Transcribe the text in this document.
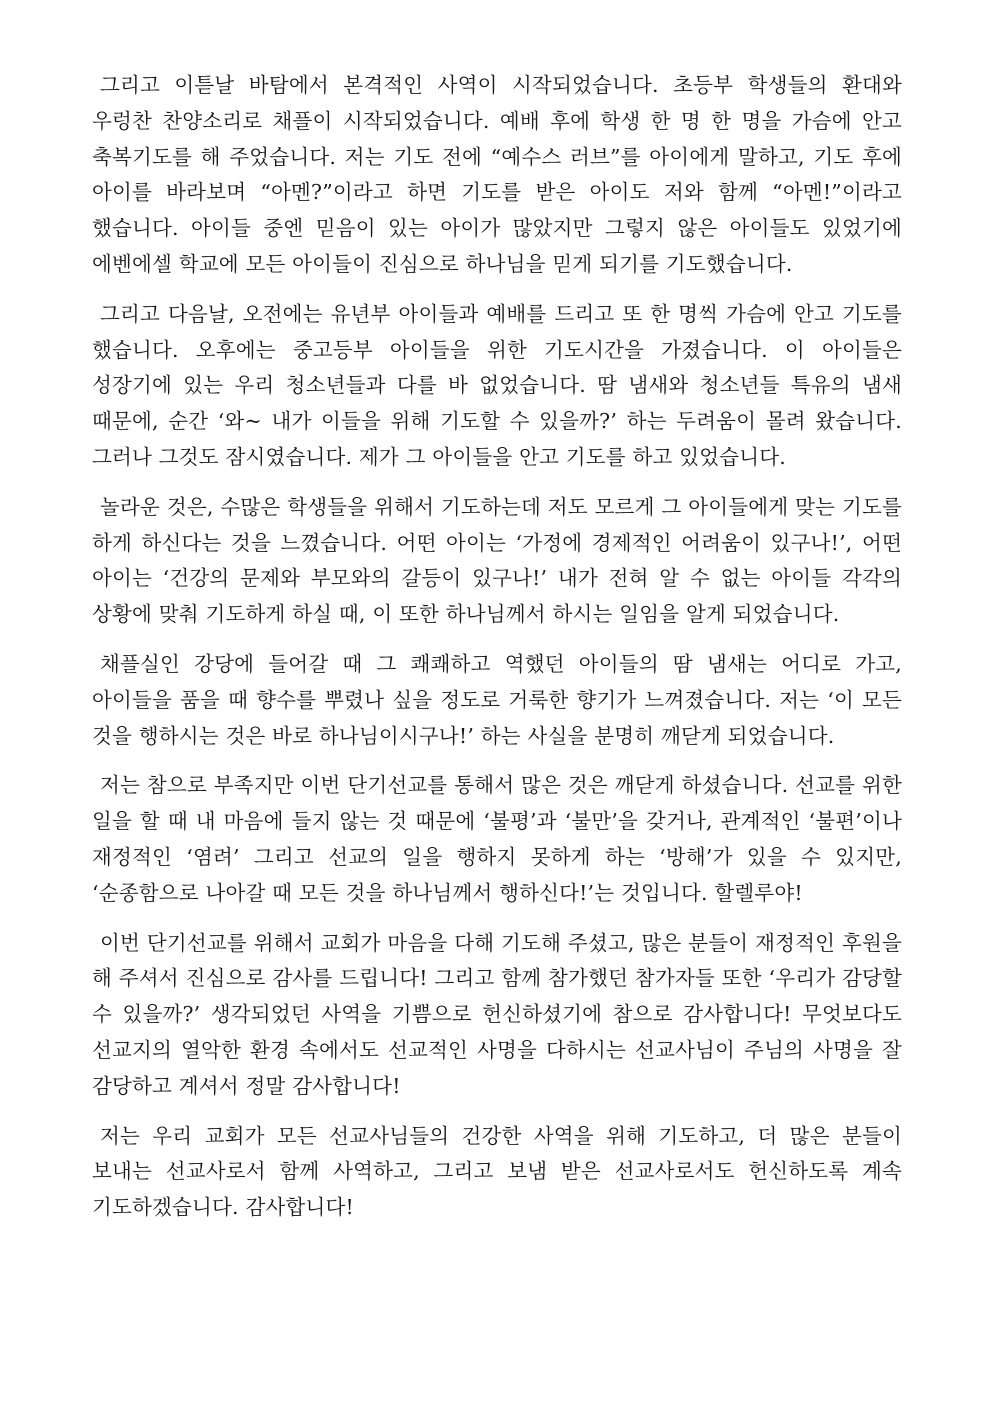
그리고 이튿날 바탐에서 본격적인 사역이 시작되었습니다. 초등부 학생들의 환대와 우렁찬 찬양소리로 채플이 시작되었습니다. 예배 후에 학생 한 명 한 명을 가슴에 안고 축복기도를 해 주었습니다. 저는 기도 전에 “예수스 러브”를 아이에게 말하고, 기도 후에 아이를 바라보며 “아멘?”이라고 하면 기도를 받은 아이도 저와 함께 “아멘!”이라고 했습니다. 아이들 중엔 믿음이 있는 아이가 많았지만 그렇지 않은 아이들도 있었기에 에벤에셀 학교에 모든 아이들이 진심으로 하나님을 믿게 되기를 기도했습니다.

그리고 다음날, 오전에는 유년부 아이들과 예배를 드리고 또 한 명씩 가슴에 안고 기도를 했습니다. 오후에는 중고등부 아이들을 위한 기도시간을 가졌습니다. 이 아이들은 성장기에 있는 우리 청소년들과 다를 바 없었습니다. 땀 냄새와 청소년들 특유의 냄새 때문에, 순간 ‘와~ 내가 이들을 위해 기도할 수 있을까?’ 하는 두려움이 몰려 왔습니다. 그러나 그것도 잠시였습니다. 제가 그 아이들을 안고 기도를 하고 있었습니다.

놀라운 것은, 수많은 학생들을 위해서 기도하는데 저도 모르게 그 아이들에게 맞는 기도를 하게 하신다는 것을 느꼈습니다. 어떤 아이는 ‘가정에 경제적인 어려움이 있구나!’, 어떤 아이는 ‘건강의 문제와 부모와의 갈등이 있구나!’ 내가 전혀 알 수 없는 아이들 각각의 상황에 맞춰 기도하게 하실 때, 이 또한 하나님께서 하시는 일임을 알게 되었습니다.

채플실인 강당에 들어갈 때 그 쾌쾌하고 역했던 아이들의 땀 냄새는 어디로 가고, 아이들을 품을 때 향수를 뿌렸나 싶을 정도로 거룩한 향기가 느껴졌습니다. 저는 ‘이 모든 것을 행하시는 것은 바로 하나님이시구나!’ 하는 사실을 분명히 깨닫게 되었습니다.

저는 참으로 부족지만 이번 단기선교를 통해서 많은 것은 깨닫게 하셨습니다. 선교를 위한 일을 할 때 내 마음에 들지 않는 것 때문에 ‘불평’과 ‘불만’을 갖거나, 관계적인 ‘불편’이나 재정적인 ‘염려’ 그리고 선교의 일을 행하지 못하게 하는 ‘방해’가 있을 수 있지만, ‘순종함으로 나아갈 때 모든 것을 하나님께서 행하신다!’는 것입니다. 할렐루야!

이번 단기선교를 위해서 교회가 마음을 다해 기도해 주셨고, 많은 분들이 재정적인 후원을 해 주셔서 진심으로 감사를 드립니다! 그리고 함께 참가했던 참가자들 또한 ‘우리가 감당할 수 있을까?’ 생각되었던 사역을 기쁨으로 헌신하셨기에 참으로 감사합니다! 무엇보다도 선교지의 열악한 환경 속에서도 선교적인 사명을 다하시는 선교사님이 주님의 사명을 잘 감당하고 계셔서 정말 감사합니다!

저는 우리 교회가 모든 선교사님들의 건강한 사역을 위해 기도하고, 더 많은 분들이 보내는 선교사로서 함께 사역하고, 그리고 보냄 받은 선교사로서도 헌신하도록 계속 기도하겠습니다. 감사합니다!
